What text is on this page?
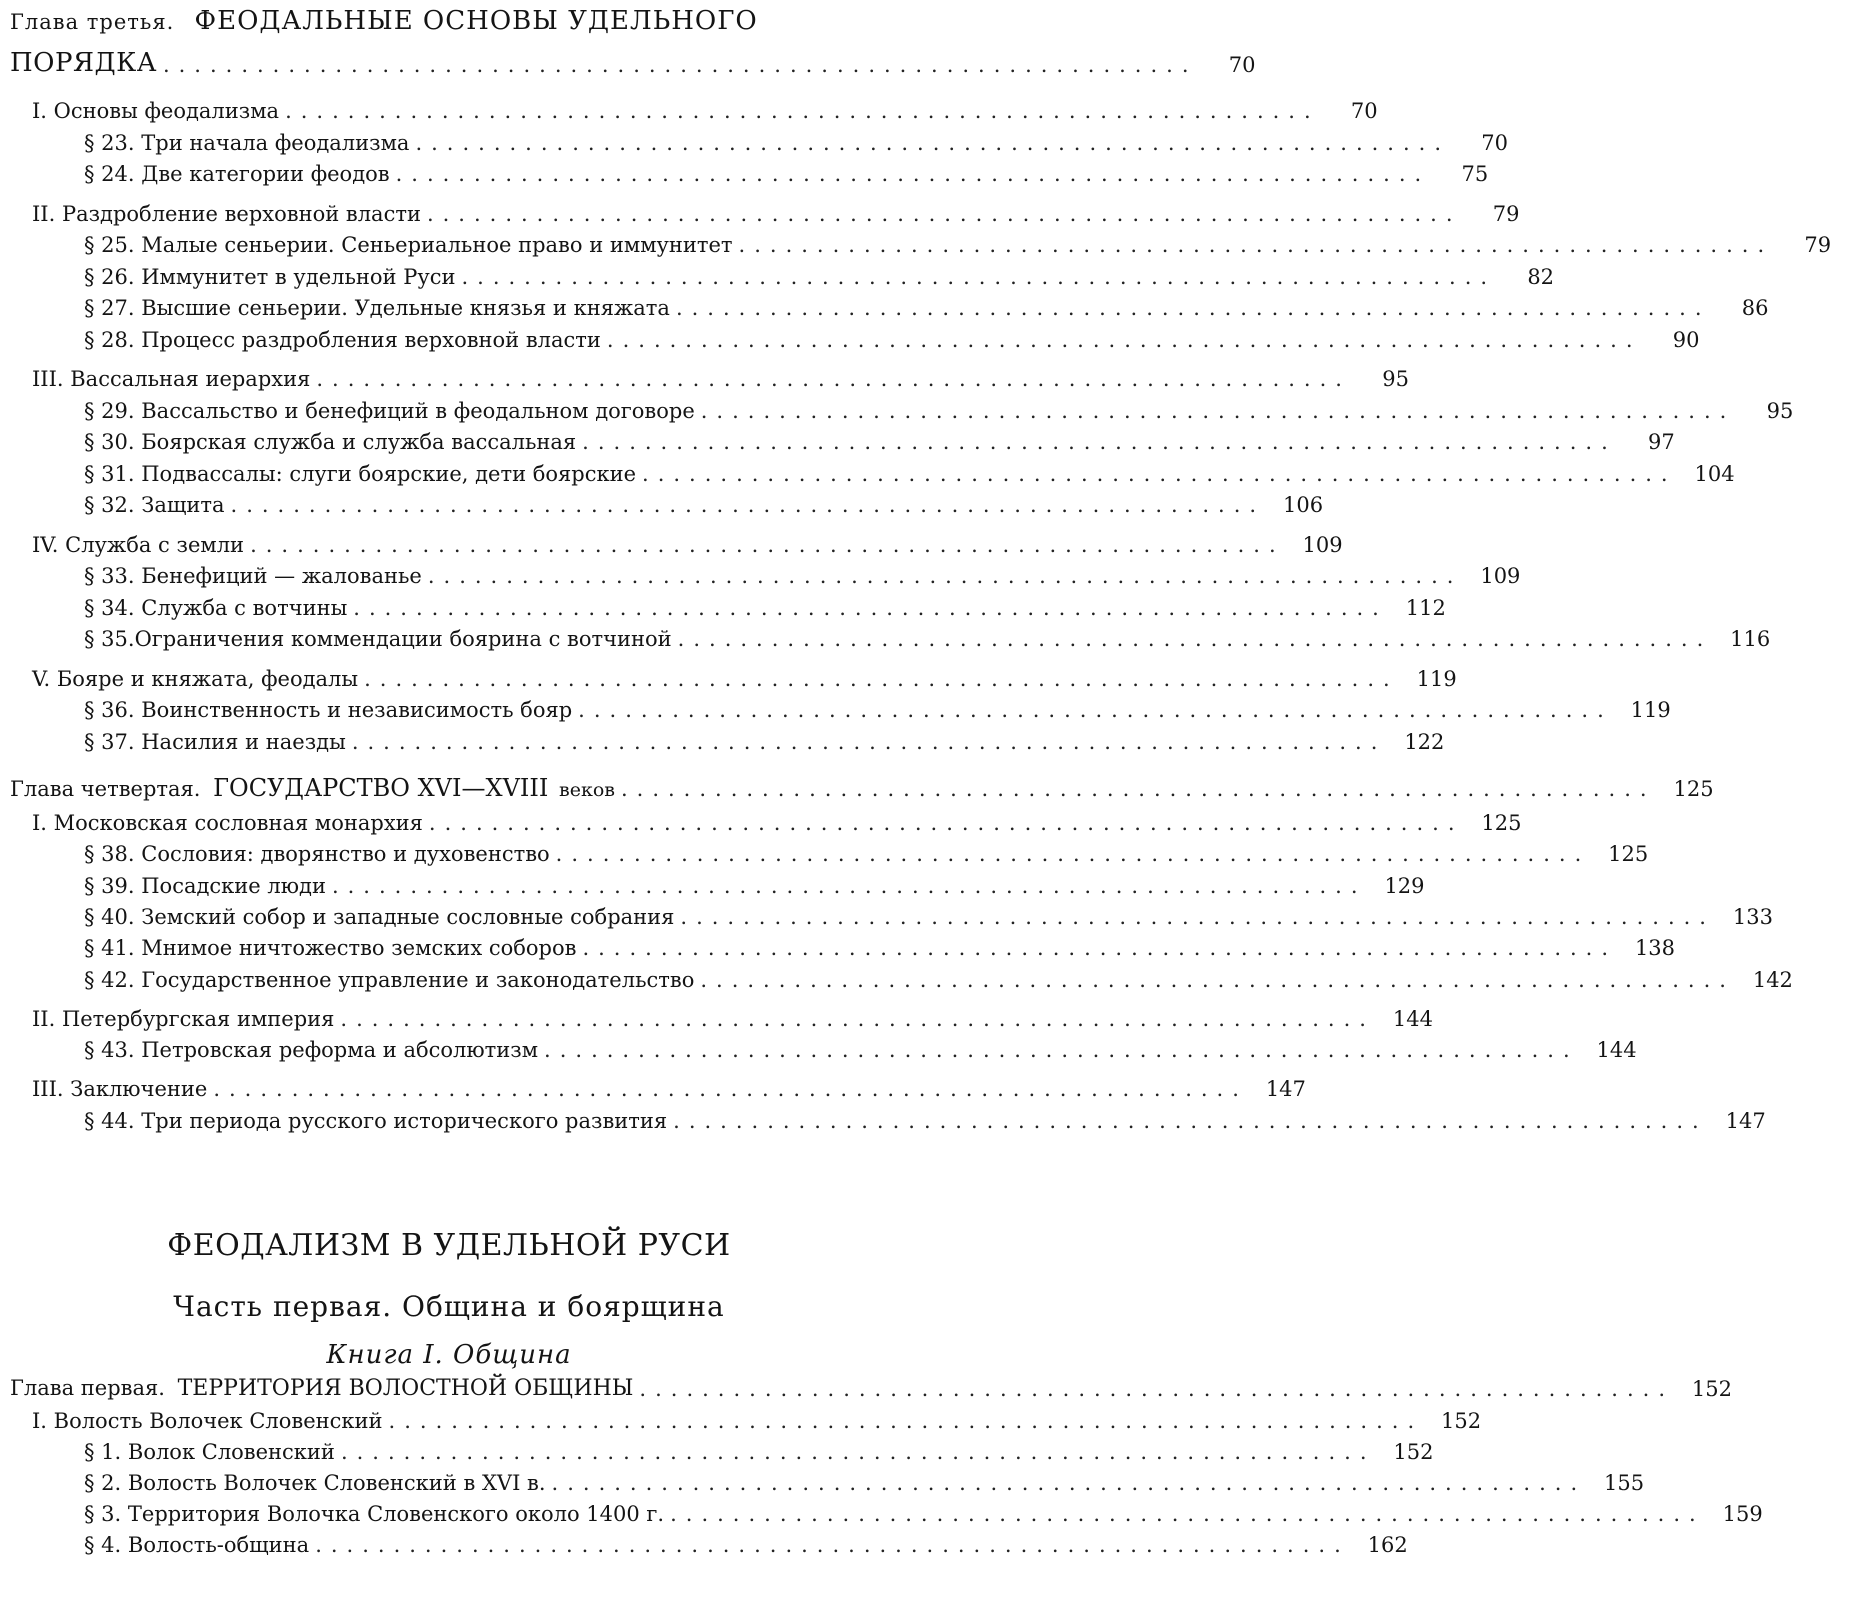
Глава третья. ФЕОДАЛЬНЫЕ ОСНОВЫ УДЕЛЬНОГО
ПОРЯДКА ..................................................................	70
I. Основы феодализма ..................................................................	70
§ 23. Три начала феодализма ..................................................................	70
§ 24. Две категории феодов ..................................................................	75
II. Раздробление верховной власти ..................................................................	79
§ 25. Малые сеньерии. Сеньериальное право и иммунитет ..................................................................	79
§ 26. Иммунитет в удельной Руси ..................................................................	82
§ 27. Высшие сеньерии. Удельные князья и княжата ..................................................................	86
§ 28. Процесс раздробления верховной власти ..................................................................	90
III. Вассальная иерархия ..................................................................	95
§ 29. Вассальство и бенефиций в феодальном договоре ..................................................................	95
§ 30. Боярская служба и служба вассальная ..................................................................	97
§ 31. Подвассалы: слуги боярские, дети боярские .................................................................. 104
§ 32. Защита .................................................................. 106
IV. Служба с земли .................................................................. 109
§ 33. Бенефиций — жалованье .................................................................. 109
§ 34. Служба с вотчины .................................................................. 112
§ 35.Ограничения коммендации боярина с вотчиной .................................................................. 116
V. Бояре и княжата, феодалы .................................................................. 119
§ 36. Воинственность и независимость бояр .................................................................. 119
§ 37. Насилия и наезды .................................................................. 122
Глава четвертая. ГОСУДАРСТВО XVI—XVIII веков .................................................................. 125
I. Московская сословная монархия .................................................................. 125
§ 38. Сословия: дворянство и духовенство .................................................................. 125
§ 39. Посадские люди .................................................................. 129
§ 40. Земский собор и западные сословные собрания .................................................................. 133
§ 41. Мнимое ничтожество земских соборов .................................................................. 138
§ 42. Государственное управление и законодательство .................................................................. 142
II. Петербургская империя .................................................................. 144
§ 43. Петровская реформа и абсолютизм .................................................................. 144
III. Заключение .................................................................. 147
§ 44. Три периода русского исторического развития .................................................................. 147
ФЕОДАЛИЗМ В УДЕЛЬНОЙ РУСИ
Часть первая. Община и боярщина
Книга I. Община
Глава первая. ТЕРРИТОРИЯ ВОЛОСТНОЙ ОБЩИНЫ .................................................................. 152
I. Волость Волочек Словенский .................................................................. 152
§ 1. Волок Словенский .................................................................. 152
§ 2. Волость Волочек Словенский в XVI в. .................................................................. 155
§ 3. Территория Волочка Словенского около 1400 г. .................................................................. 159
§ 4. Волость-община .................................................................. 162
